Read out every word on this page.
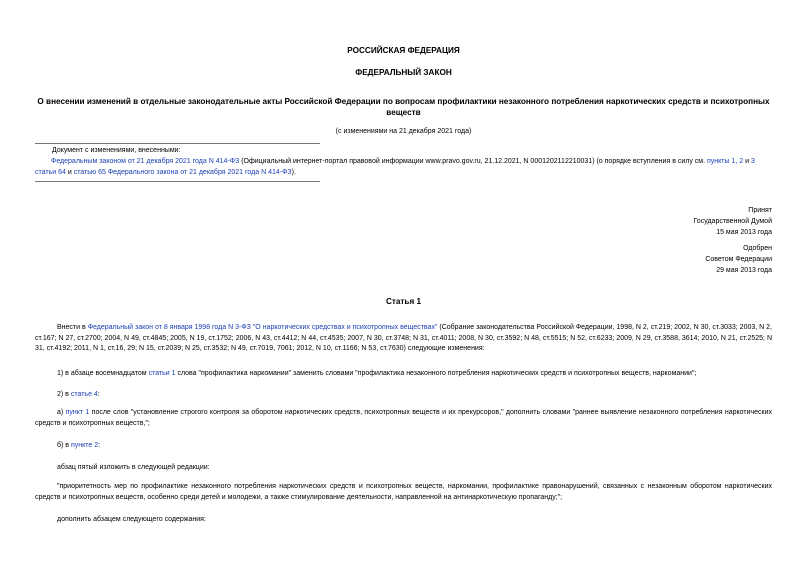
РОССИЙСКАЯ ФЕДЕРАЦИЯ
ФЕДЕРАЛЬНЫЙ ЗАКОН
О внесении изменений в отдельные законодательные акты Российской Федерации по вопросам профилактики незаконного потребления наркотических средств и психотропных веществ
(с изменениями на 21 декабря 2021 года)
Документ с изменениями, внесенными:
Федеральным законом от 21 декабря 2021 года N 414-ФЗ (Официальный интернет-портал правовой информации www.pravo.gov.ru, 21.12.2021, N 0001202112210031) (о порядке вступления в силу см. пункты 1, 2 и 3 статьи 64 и статью 65 Федерального закона от 21 декабря 2021 года N 414-ФЗ).
Принят
Государственной Думой
15 мая 2013 года
Одобрен
Советом Федерации
29 мая 2013 года
Статья 1
Внести в Федеральный закон от 8 января 1998 года N 3-ФЗ "О наркотических средствах и психотропных веществах" (Собрание законодательства Российской Федерации, 1998, N 2, ст.219; 2002, N 30, ст.3033; 2003, N 2, ст.167; N 27, ст.2700; 2004, N 49, ст.4845; 2005, N 19, ст.1752; 2006, N 43, ст.4412; N 44, ст.4535; 2007, N 30, ст.3748; N 31, ст.4011; 2008, N 30, ст.3592; N 48, ст.5515; N 52, ст.6233; 2009, N 29, ст.3588, 3614; 2010, N 21, ст.2525; N 31, ст.4192; 2011, N 1, ст.16, 29; N 15, ст.2039; N 25, ст.3532; N 49, ст.7019, 7061; 2012, N 10, ст.1166; N 53, ст.7630) следующие изменения:
1) в абзаце восемнадцатом статьи 1 слова "профилактика наркомании" заменить словами "профилактика незаконного потребления наркотических средств и психотропных веществ, наркомании";
2) в статье 4:
а) пункт 1 после слов "установление строгого контроля за оборотом наркотических средств, психотропных веществ и их прекурсоров," дополнить словами "раннее выявление незаконного потребления наркотических средств и психотропных веществ,";
б) в пункте 2:
абзац пятый изложить в следующей редакции:
"приоритетность мер по профилактике незаконного потребления наркотических средств и психотропных веществ, наркомании, профилактике правонарушений, связанных с незаконным оборотом наркотических средств и психотропных веществ, особенно среди детей и молодежи, а также стимулирование деятельности, направленной на антинаркотическую пропаганду;";
дополнить абзацем следующего содержания:
